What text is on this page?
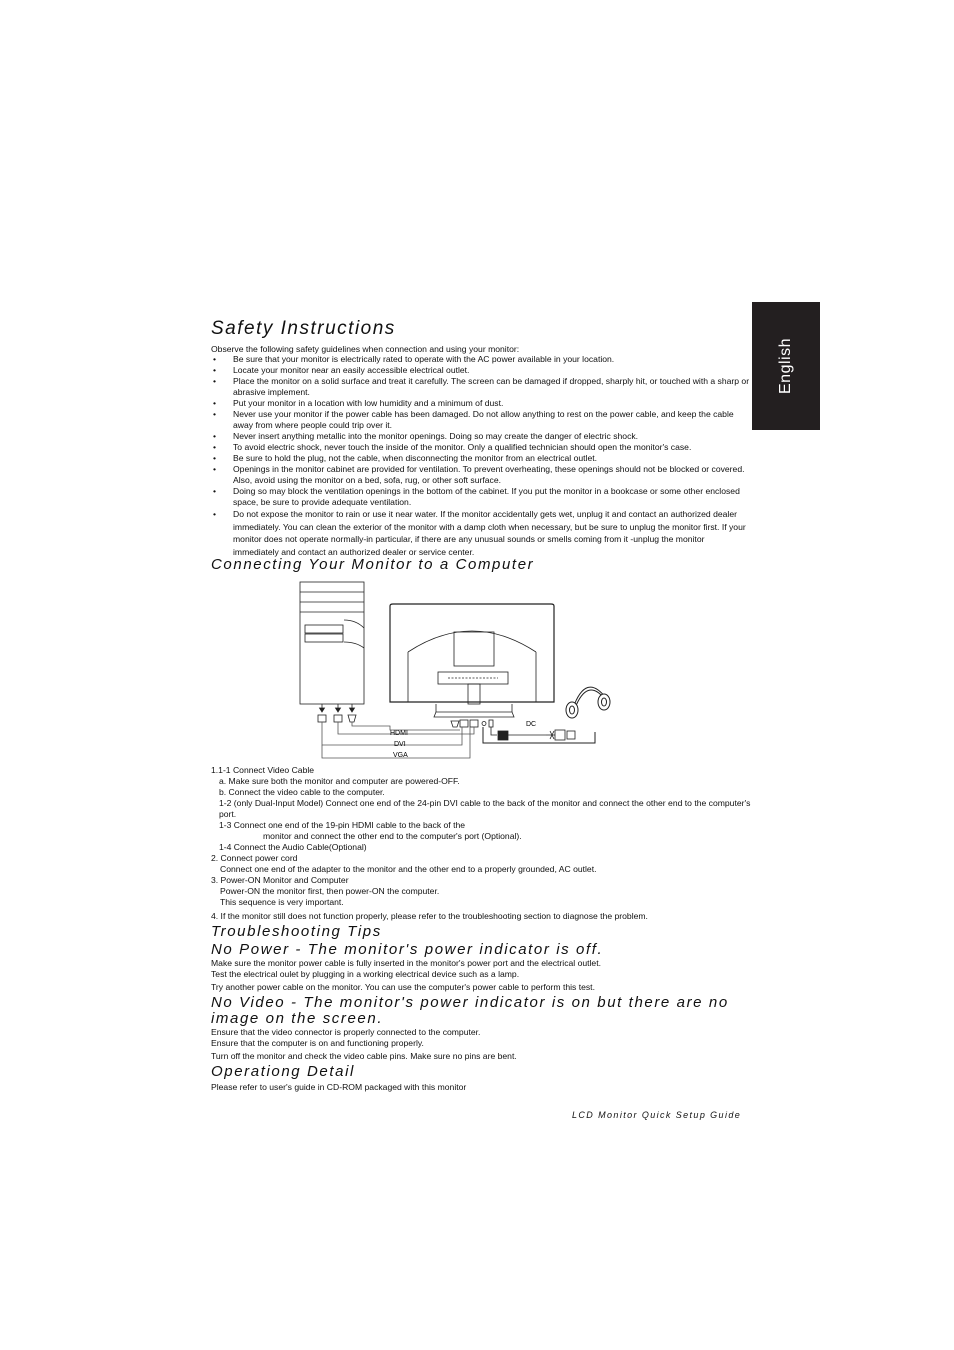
English
Safety Instructions
Observe the following safety guidelines when connection and using your monitor:
• Be sure that your monitor is electrically rated to operate with the AC power available in your location.
• Locate your monitor near an easily accessible electrical outlet.
• Place the monitor on a solid surface and treat it carefully. The screen can be damaged if dropped, sharply hit, or touched with a sharp or abrasive implement.
• Put your monitor in a location with low humidity and a minimum of dust.
• Never use your monitor if the power cable has been damaged. Do not allow anything to rest on the power cable, and keep the cable away from where people could trip over it.
• Never insert anything metallic into the monitor openings. Doing so may create the danger of electric shock.
• To avoid electric shock, never touch the inside of the monitor. Only a qualified technician should open the monitor's case.
• Be sure to hold the plug, not the cable, when disconnecting the monitor from an electrical outlet.
• Openings in the monitor cabinet are provided for ventilation. To prevent overheating, these openings should not be blocked or covered. Also, avoid using the monitor on a bed, sofa, rug, or other soft surface.
• Doing so may block the ventilation openings in the bottom of the cabinet. If you put the monitor in a bookcase or some other enclosed space, be sure to provide adequate ventilation.
• Do not expose the monitor to rain or use it near water. If the monitor accidentally gets wet, unplug it and contact an authorized dealer immediately. You can clean the exterior of the monitor with a damp cloth when necessary, but be sure to unplug the monitor first. If your monitor does not operate normally-in particular, if there are any unusual sounds or smells coming from it -unplug the monitor immediately and contact an authorized dealer or service center.
Connecting Your Monitor to a Computer
HDMI
DVI
VGA
DC
1.1-1 Connect Video Cable
a. Make sure both the monitor and computer are powered-OFF.
b. Connect the video cable to the computer.
1-2 (only Dual-Input Model) Connect one end of the 24-pin DVI cable to the back of the monitor and connect the other end to the computer's port.
1-3 Connect one end of the 19-pin HDMI cable to the back of the
monitor and connect the other end to the computer's port (Optional).
1-4 Connect the Audio Cable(Optional)
2. Connect power cord
Connect one end of the adapter to the monitor and the other end to a properly grounded, AC outlet.
3. Power-ON Monitor and Computer
Power-ON the monitor first, then power-ON the computer.
This sequence is very important.
4. If the monitor still does not function properly, please refer to the troubleshooting section to diagnose the problem.
Troubleshooting Tips
No Power - The monitor's power indicator is off.
Make sure the monitor power cable is fully inserted in the monitor's power port and the electrical outlet.
Test the electrical oulet by plugging in a working electrical device such as a lamp.
Try another power cable on the monitor. You can use the computer's power cable to perform this test.
No Video - The monitor's power indicator is on but there are no
image on the screen.
Ensure that the video connector is properly connected to the computer.
Ensure that the computer is on and functioning properly.
Turn off the monitor and check the video cable pins. Make sure no pins are bent.
Operationg Detail
Please refer to user's guide in CD-ROM packaged with this monitor
LCD Monitor Quick Setup Guide
